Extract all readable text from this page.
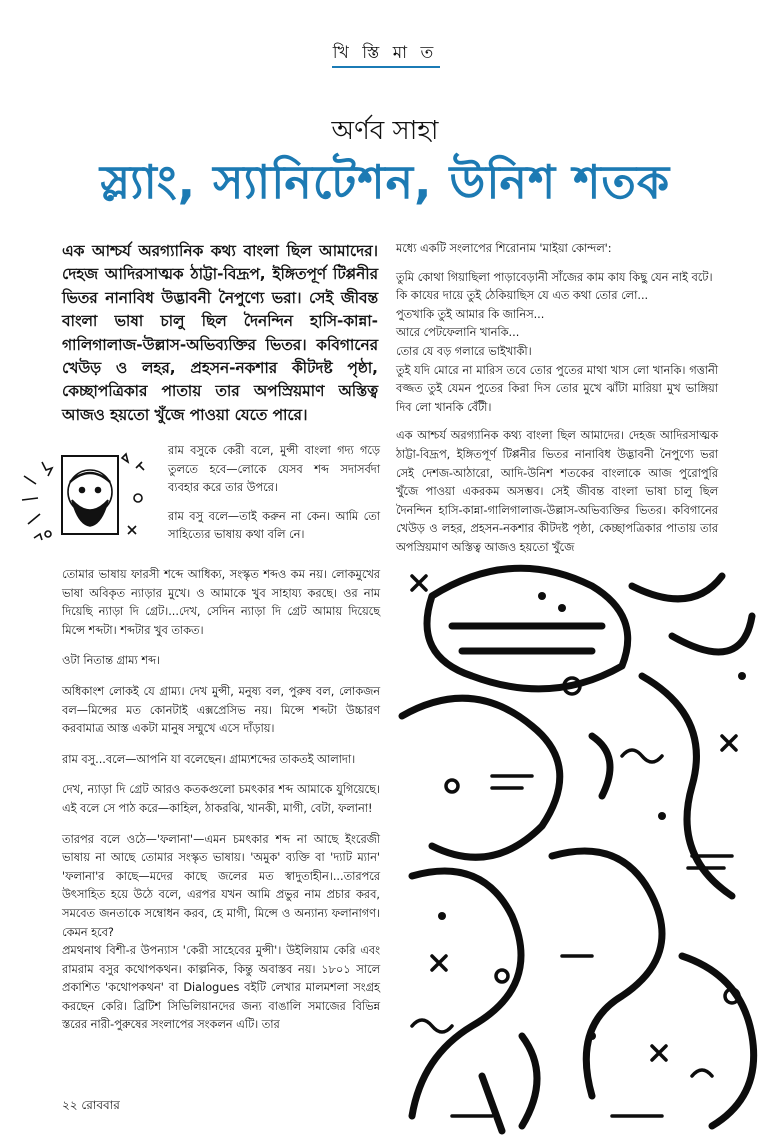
খি স্তি মা ত
অর্ণব সাহা
স্ল্যাং, স্যানিটেশন, উনিশ শতক
এক আশ্চর্য অরগ্যানিক কথ্য বাংলা ছিল আমাদের। দেহজ আদিরসাত্মক ঠাট্টা-বিদ্রূপ, ইঙ্গিতপূর্ণ টিপ্পনীর ভিতর নানাবিধ উদ্ভাবনী নৈপুণ্যে ভরা। সেই জীবন্ত বাংলা ভাষা চালু ছিল দৈনন্দিন হাসি-কান্না-গালিগালাজ-উল্লাস-অভিব্যক্তির ভিতর। কবিগানের খেউড় ও লহর, প্রহসন-নকশার কীটদষ্ট পৃষ্ঠা, কেচ্ছাপত্রিকার পাতায় তার অপস্রিয়মাণ অস্তিত্ব আজও হয়তো খুঁজে পাওয়া যেতে পারে।

রাম বসুকে কেরী বলে, মুন্সী বাংলা গদ্য গড়ে তুলতে হবে—লোকে যেসব শব্দ সদাসর্বদা ব্যবহার করে তার উপরে।

রাম বসু বলে—তাই করুন না কেন। আমি তো সাহিত্যের ভাষায় কথা বলি নে।

তোমার ভাষায় ফারসী শব্দে আধিক্য, সংস্কৃত শব্দও কম নয়। লোকমুখের ভাষা অবিকৃত ন্যাড়ার মুখে। ও আমাকে খুব সাহায্য করছে। ওর নাম দিয়েছি ন্যাড়া দি গ্রেট।...দেখ, সেদিন ন্যাড়া দি গ্রেট আমায় দিয়েছে মিন্সে শব্দটা। শব্দটার খুব তাকত।

ওটা নিতান্ত গ্রাম্য শব্দ।

অধিকাংশ লোকই যে গ্রাম্য। দেখ মুন্সী, মনুষ্য বল, পুরুষ বল, লোকজন বল—মিন্সের মত কোনটাই এক্সপ্রেসিভ নয়। মিন্সে শব্দটা উচ্চারণ করবামাত্র আস্ত একটা মানুষ সম্মুখে এসে দাঁড়ায়।

রাম বসু...বলে—আপনি যা বলেছেন। গ্রাম্যশব্দের তাকতই আলাদা।

দেখ, ন্যাড়া দি গ্রেট আরও কতকগুলো চমৎকার শব্দ আমাকে যুগিয়েছে। এই বলে সে পাঠ করে—কাহিল, ঠাকরঝি, খানকী, মাগী, বেটা, ফলানা!

তারপর বলে ওঠে—'ফলানা'—এমন চমৎকার শব্দ না আছে ইংরেজী ভাষায় না আছে তোমার সংস্কৃত ভাষায়। 'অমুক' ব্যক্তি বা 'দ্যাট ম্যান' 'ফলানা'র কাছে—মদের কাছে জলের মত স্বাদুতাহীন।...তারপরে উৎসাহিত হয়ে উঠে বলে, এরপর যখন আমি প্রভুর নাম প্রচার করব, সমবেত জনতাকে সম্বোধন করব, হে মাগী, মিন্সে ও অন্যান্য ফলানাগণ। কেমন হবে?

প্রমথনাথ বিশী-র উপন্যাস 'কেরী সাহেবের মুন্সী'। উইলিয়াম কেরি এবং রামরাম বসুর কথোপকথন। কাল্পনিক, কিন্তু অবাস্তব নয়। ১৮০১ সালে প্রকাশিত 'কথোপকথন' বা Dialogues বইটি লেখার মালমশলা সংগ্রহ করছেন কেরি। ব্রিটিশ সিভিলিয়ানদের জন্য বাঙালি সমাজের বিভিন্ন স্তরের নারী-পুরুষের সংলাপের সংকলন এটি। তার

মধ্যে একটি সংলাপের শিরোনাম 'মাইয়া কোন্দল':

তুমি কোথা গিয়াছিলা পাড়াবেড়ানী সাঁজের কাম কায কিছু যেন নাই বটে।
কি কাযের দায়ে তুই ঠেকিয়াছিস যে এত কথা তোর লো...
পুতখাকি তুই আমার কি জানিস...
আরে পেটফেলানি খানকি...
তোর যে বড় গলারে ভাইখাকী।
তুই যদি মোরে না মারিস তবে তোর পুতের মাথা খাস লো খানকি। গত্তানী বজ্জত তুই যেমন পুতের কিরা দিস তোর মুখে ঝাঁটা মারিয়া মুখ ভাঙ্গিয়া দিব লো খানকি বেঁটী।

এক আশ্চর্য অরগ্যানিক কথ্য বাংলা ছিল আমাদের। দেহজ আদিরসাত্মক ঠাট্টা-বিদ্রূপ, ইঙ্গিতপূর্ণ টিপ্পনীর ভিতর নানাবিধ উদ্ভাবনী নৈপুণ্যে ভরা সেই দেশজ-আঠারো, আদি-উনিশ শতকের বাংলাকে আজ পুরোপুরি খুঁজে পাওয়া একরকম অসম্ভব। সেই জীবন্ত বাংলা ভাষা চালু ছিল দৈনন্দিন হাসি-কান্না-গালিগালাজ-উল্লাস-অভিব্যক্তির ভিতর। কবিগানের খেউড় ও লহর, প্রহসন-নকশার কীটদষ্ট পৃষ্ঠা, কেচ্ছাপত্রিকার পাতায় তার অপস্রিয়মাণ অস্তিত্ব আজও হয়তো খুঁজে

২২ রোববার
